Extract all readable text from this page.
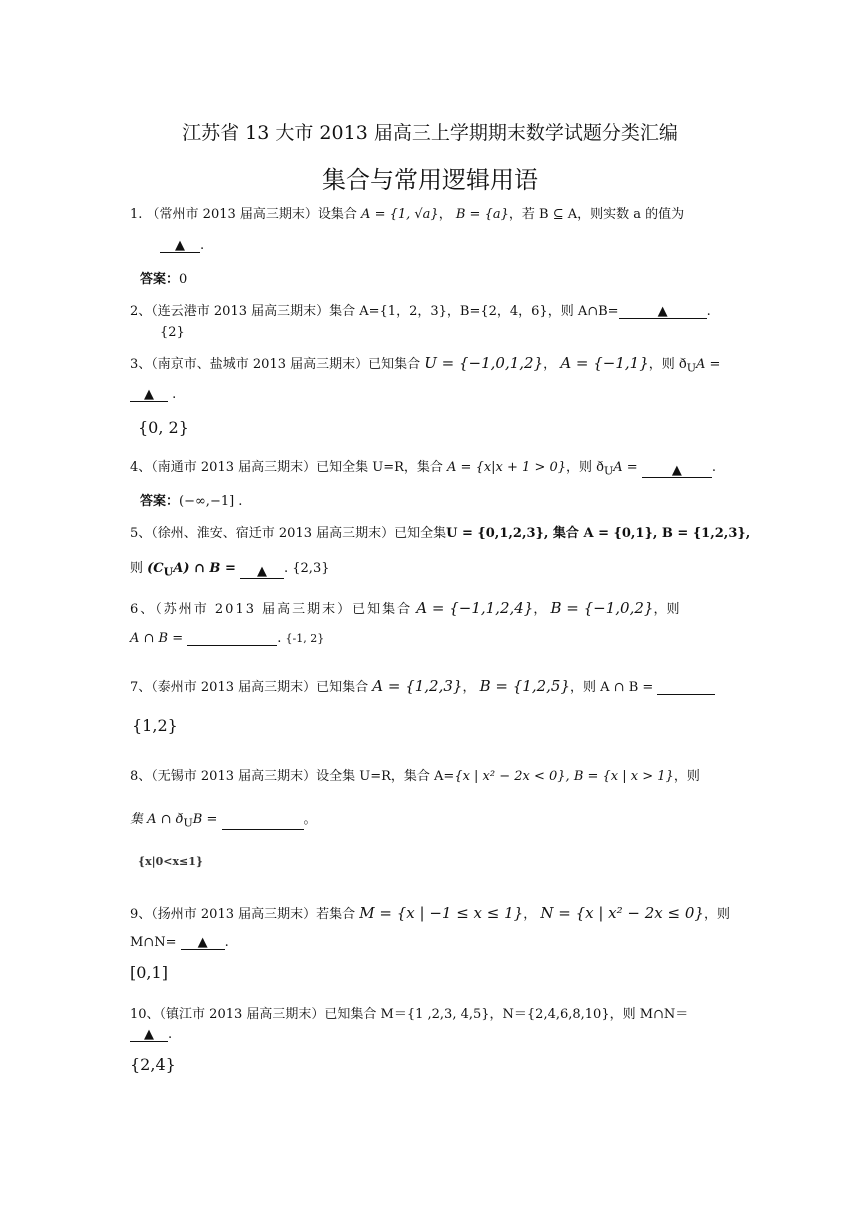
江苏省 13 大市 2013 届高三上学期期末数学试题分类汇编
集合与常用逻辑用语
1. （常州市 2013 届高三期末）设集合 A = {1, √a}， B = {a}，若 B ⊆ A，则实数 a 的值为
▲ .
答案：0
2、（连云港市 2013 届高三期末）集合 A={1，2，3}，B={2，4，6}，则 A∩B=	▲	.
{2}
3、（南京市、盐城市 2013 届高三期末）已知集合 U = {−1,0,1,2}， A = {−1,1}，则 $ð_UA$ =
▲ .
{0, 2}
4、（南通市 2013 届高三期末）已知全集 U=R，集合 A = {x|x + 1 > 0}，则 $ð_UA$ =	▲ .
答案：(−∞,−1] .
5、（徐州、淮安、宿迁市 2013 届高三期末）已知全集U = {0,1,2,3}, 集合 A = {0,1}, B = {1,2,3},
则 $(C_UA)$ ∩ B = ▲ . {2,3}
6、（苏州市 2013 届高三期末）已知集合 A = {−1,1,2,4}， B = {−1,0,2}，则
A ∩ B =	. {-1, 2}
7、（泰州市 2013 届高三期末）已知集合 A = {1,2,3}， B = {1,2,5}，则 A ∩ B =
{1,2}
8、（无锡市 2013 届高三期末）设全集 U=R，集合 A={x | x² − 2x < 0}, B = {x | x > 1}，则
集 A ∩ $ð_UB$ =	。
{x|0<x≤1}
9、（扬州市 2013 届高三期末）若集合 M = {x | −1 ≤ x ≤ 1}， N = {x | x² − 2x ≤ 0}，则
M∩N= ▲ .
[0,1]
10、（镇江市 2013 届高三期末）已知集合 M＝{1 ,2,3, 4,5}，N＝{2,4,6,8,10}，则 M∩N＝
▲ .
{2,4}
